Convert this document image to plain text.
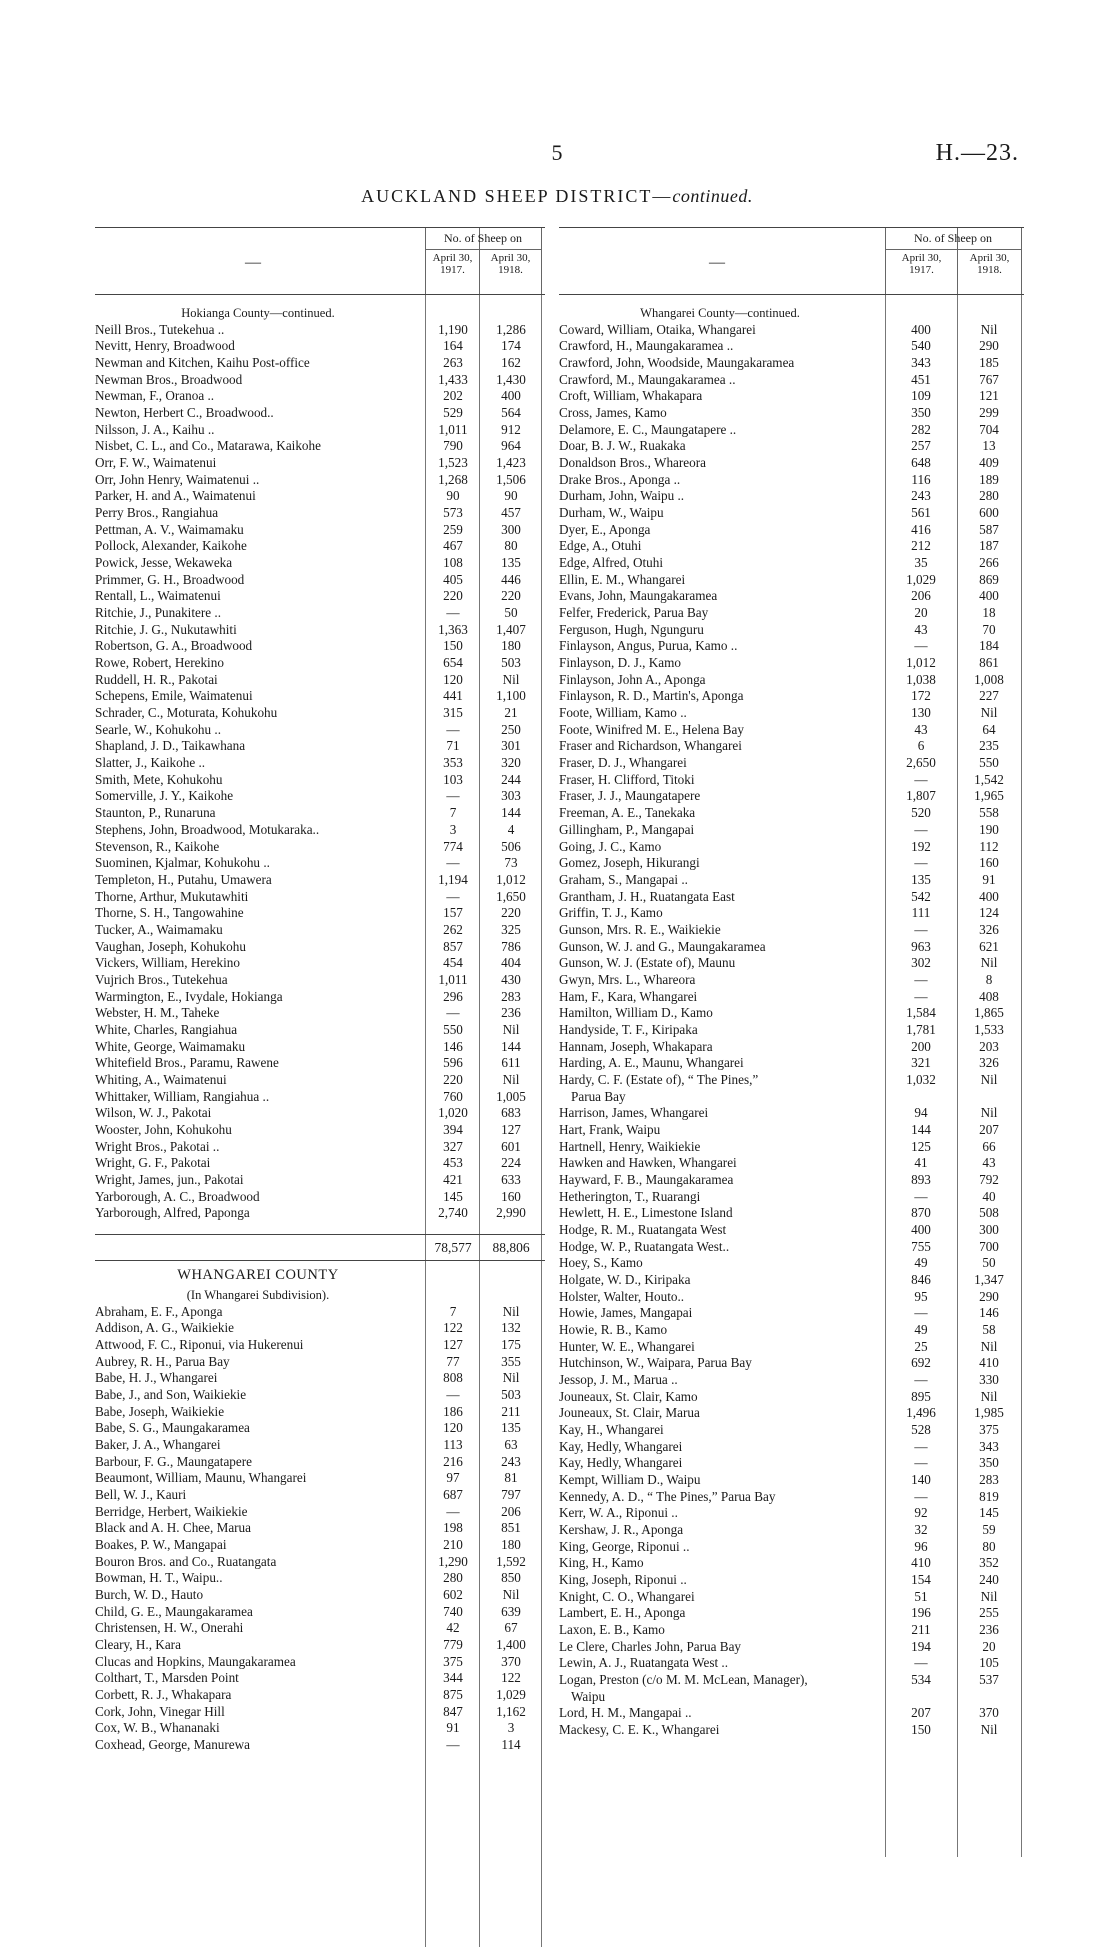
5	H.—23.
AUCKLAND SHEEP DISTRICT—continued.
—
No. of Sheep on
April 30,
1917.
April 30,
1918.
Hokianga County—continued.
Neill Bros., Tutekehua ..	1,190	1,286
Nevitt, Henry, Broadwood	164	174
Newman and Kitchen, Kaihu Post-office	263	162
Newman Bros., Broadwood	1,433	1,430
Newman, F., Oranoa ..	202	400
Newton, Herbert C., Broadwood..	529	564
Nilsson, J. A., Kaihu ..	1,011	912
Nisbet, C. L., and Co., Matarawa, Kaikohe	790	964
Orr, F. W., Waimatenui	1,523	1,423
Orr, John Henry, Waimatenui ..	1,268	1,506
Parker, H. and A., Waimatenui	90	90
Perry Bros., Rangiahua	573	457
Pettman, A. V., Waimamaku	259	300
Pollock, Alexander, Kaikohe	467	80
Powick, Jesse, Wekaweka	108	135
Primmer, G. H., Broadwood	405	446
Rentall, L., Waimatenui	220	220
Ritchie, J., Punakitere ..	—	50
Ritchie, J. G., Nukutawhiti	1,363	1,407
Robertson, G. A., Broadwood	150	180
Rowe, Robert, Herekino	654	503
Ruddell, H. R., Pakotai	120	Nil
Schepens, Emile, Waimatenui	441	1,100
Schrader, C., Moturata, Kohukohu	315	21
Searle, W., Kohukohu ..	—	250
Shapland, J. D., Taikawhana	71	301
Slatter, J., Kaikohe ..	353	320
Smith, Mete, Kohukohu	103	244
Somerville, J. Y., Kaikohe	—	303
Staunton, P., Runaruna	7	144
Stephens, John, Broadwood, Motukaraka..	3	4
Stevenson, R., Kaikohe	774	506
Suominen, Kjalmar, Kohukohu ..	—	73
Templeton, H., Putahu, Umawera	1,194	1,012
Thorne, Arthur, Mukutawhiti	—	1,650
Thorne, S. H., Tangowahine	157	220
Tucker, A., Waimamaku	262	325
Vaughan, Joseph, Kohukohu	857	786
Vickers, William, Herekino	454	404
Vujrich Bros., Tutekehua	1,011	430
Warmington, E., Ivydale, Hokianga	296	283
Webster, H. M., Taheke	—	236
White, Charles, Rangiahua	550	Nil
White, George, Waimamaku	146	144
Whitefield Bros., Paramu, Rawene	596	611
Whiting, A., Waimatenui	220	Nil
Whittaker, William, Rangiahua ..	760	1,005
Wilson, W. J., Pakotai	1,020	683
Wooster, John, Kohukohu	394	127
Wright Bros., Pakotai ..	327	601
Wright, G. F., Pakotai	453	224
Wright, James, jun., Pakotai	421	633
Yarborough, A. C., Broadwood	145	160
Yarborough, Alfred, Paponga	2,740	2,990
78,577	88,806
WHANGAREI COUNTY
(In Whangarei Subdivision).
Abraham, E. F., Aponga	7	Nil
Addison, A. G., Waikiekie	122	132
Attwood, F. C., Riponui, via Hukerenui	127	175
Aubrey, R. H., Parua Bay	77	355
Babe, H. J., Whangarei	808	Nil
Babe, J., and Son, Waikiekie	—	503
Babe, Joseph, Waikiekie	186	211
Babe, S. G., Maungakaramea	120	135
Baker, J. A., Whangarei	113	63
Barbour, F. G., Maungatapere	216	243
Beaumont, William, Maunu, Whangarei	97	81
Bell, W. J., Kauri	687	797
Berridge, Herbert, Waikiekie	—	206
Black and A. H. Chee, Marua	198	851
Boakes, P. W., Mangapai	210	180
Bouron Bros. and Co., Ruatangata	1,290	1,592
Bowman, H. T., Waipu..	280	850
Burch, W. D., Hauto	602	Nil
Child, G. E., Maungakaramea	740	639
Christensen, H. W., Onerahi	42	67
Cleary, H., Kara	779	1,400
Clucas and Hopkins, Maungakaramea	375	370
Colthart, T., Marsden Point	344	122
Corbett, R. J., Whakapara	875	1,029
Cork, John, Vinegar Hill	847	1,162
Cox, W. B., Whananaki	91	3
Coxhead, George, Manurewa	—	114
—
No. of Sheep on
April 30,
1917.
April 30,
1918.
Whangarei County—continued.
Coward, William, Otaika, Whangarei	400	Nil
Crawford, H., Maungakaramea ..	540	290
Crawford, John, Woodside, Maungakaramea	343	185
Crawford, M., Maungakaramea ..	451	767
Croft, William, Whakapara	109	121
Cross, James, Kamo	350	299
Delamore, E. C., Maungatapere ..	282	704
Doar, B. J. W., Ruakaka	257	13
Donaldson Bros., Whareora	648	409
Drake Bros., Aponga ..	116	189
Durham, John, Waipu ..	243	280
Durham, W., Waipu	561	600
Dyer, E., Aponga	416	587
Edge, A., Otuhi	212	187
Edge, Alfred, Otuhi	35	266
Ellin, E. M., Whangarei	1,029	869
Evans, John, Maungakaramea	206	400
Felfer, Frederick, Parua Bay	20	18
Ferguson, Hugh, Ngunguru	43	70
Finlayson, Angus, Purua, Kamo ..	—	184
Finlayson, D. J., Kamo	1,012	861
Finlayson, John A., Aponga	1,038	1,008
Finlayson, R. D., Martin's, Aponga	172	227
Foote, William, Kamo ..	130	Nil
Foote, Winifred M. E., Helena Bay	43	64
Fraser and Richardson, Whangarei	6	235
Fraser, D. J., Whangarei	2,650	550
Fraser, H. Clifford, Titoki	—	1,542
Fraser, J. J., Maungatapere	1,807	1,965
Freeman, A. E., Tanekaka	520	558
Gillingham, P., Mangapai	—	190
Going, J. C., Kamo	192	112
Gomez, Joseph, Hikurangi	—	160
Graham, S., Mangapai ..	135	91
Grantham, J. H., Ruatangata East	542	400
Griffin, T. J., Kamo	111	124
Gunson, Mrs. R. E., Waikiekie	—	326
Gunson, W. J. and G., Maungakaramea	963	621
Gunson, W. J. (Estate of), Maunu	302	Nil
Gwyn, Mrs. L., Whareora	—	8
Ham, F., Kara, Whangarei	—	408
Hamilton, William D., Kamo	1,584	1,865
Handyside, T. F., Kiripaka	1,781	1,533
Hannam, Joseph, Whakapara	200	203
Harding, A. E., Maunu, Whangarei	321	326
Hardy, C. F. (Estate of), “ The Pines,”	1,032	Nil
Parua Bay
Harrison, James, Whangarei	94	Nil
Hart, Frank, Waipu	144	207
Hartnell, Henry, Waikiekie	125	66
Hawken and Hawken, Whangarei	41	43
Hayward, F. B., Maungakaramea	893	792
Hetherington, T., Ruarangi	—	40
Hewlett, H. E., Limestone Island	870	508
Hodge, R. M., Ruatangata West	400	300
Hodge, W. P., Ruatangata West..	755	700
Hoey, S., Kamo	49	50
Holgate, W. D., Kiripaka	846	1,347
Holster, Walter, Houto..	95	290
Howie, James, Mangapai	—	146
Howie, R. B., Kamo	49	58
Hunter, W. E., Whangarei	25	Nil
Hutchinson, W., Waipara, Parua Bay	692	410
Jessop, J. M., Marua ..	—	330
Jouneaux, St. Clair, Kamo	895	Nil
Jouneaux, St. Clair, Marua	1,496	1,985
Kay, H., Whangarei	528	375
Kay, Hedly, Whangarei	—	343
Kay, Hedly, Whangarei	—	350
Kempt, William D., Waipu	140	283
Kennedy, A. D., “ The Pines,” Parua Bay	—	819
Kerr, W. A., Riponui ..	92	145
Kershaw, J. R., Aponga	32	59
King, George, Riponui ..	96	80
King, H., Kamo	410	352
King, Joseph, Riponui ..	154	240
Knight, C. O., Whangarei	51	Nil
Lambert, E. H., Aponga	196	255
Laxon, E. B., Kamo	211	236
Le Clere, Charles John, Parua Bay	194	20
Lewin, A. J., Ruatangata West ..	—	105
Logan, Preston (c/o M. M. McLean, Manager),	534	537
Waipu
Lord, H. M., Mangapai ..	207	370
Mackesy, C. E. K., Whangarei	150	Nil
